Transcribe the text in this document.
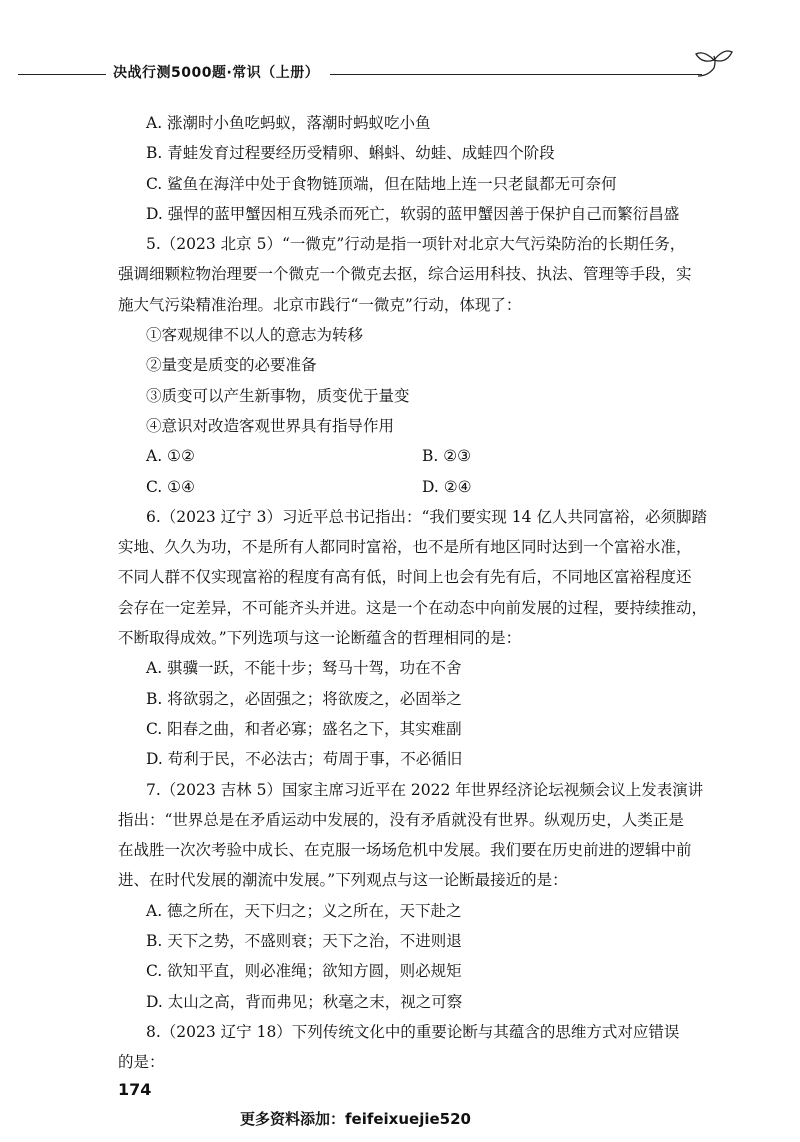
决战行测5000题·常识（上册）
A. 涨潮时小鱼吃蚂蚁，落潮时蚂蚁吃小鱼
B. 青蛙发育过程要经历受精卵、蝌蚪、幼蛙、成蛙四个阶段
C. 鲨鱼在海洋中处于食物链顶端，但在陆地上连一只老鼠都无可奈何
D. 强悍的蓝甲蟹因相互残杀而死亡，软弱的蓝甲蟹因善于保护自己而繁衍昌盛
5.（2023 北京 5）“一微克”行动是指一项针对北京大气污染防治的长期任务，
强调细颗粒物治理要一个微克一个微克去抠，综合运用科技、执法、管理等手段，实
施大气污染精准治理。北京市践行“一微克”行动，体现了：
①客观规律不以人的意志为转移
②量变是质变的必要准备
③质变可以产生新事物，质变优于量变
④意识对改造客观世界具有指导作用
A. ①②	B. ②③
C. ①④	D. ②④
6.（2023 辽宁 3）习近平总书记指出：“我们要实现 14 亿人共同富裕，必须脚踏
实地、久久为功，不是所有人都同时富裕，也不是所有地区同时达到一个富裕水准，
不同人群不仅实现富裕的程度有高有低，时间上也会有先有后，不同地区富裕程度还
会存在一定差异，不可能齐头并进。这是一个在动态中向前发展的过程，要持续推动，
不断取得成效。”下列选项与这一论断蕴含的哲理相同的是：
A. 骐骥一跃，不能十步；驽马十驾，功在不舍
B. 将欲弱之，必固强之；将欲废之，必固举之
C. 阳春之曲，和者必寡；盛名之下，其实难副
D. 苟利于民，不必法古；苟周于事，不必循旧
7.（2023 吉林 5）国家主席习近平在 2022 年世界经济论坛视频会议上发表演讲
指出：“世界总是在矛盾运动中发展的，没有矛盾就没有世界。纵观历史，人类正是
在战胜一次次考验中成长、在克服一场场危机中发展。我们要在历史前进的逻辑中前
进、在时代发展的潮流中发展。”下列观点与这一论断最接近的是：
A. 德之所在，天下归之；义之所在，天下赴之
B. 天下之势，不盛则衰；天下之治，不进则退
C. 欲知平直，则必准绳；欲知方圆，则必规矩
D. 太山之高，背而弗见；秋毫之末，视之可察
8.（2023 辽宁 18）下列传统文化中的重要论断与其蕴含的思维方式对应错误
的是：
174
更多资料添加：feifeixuejie520
